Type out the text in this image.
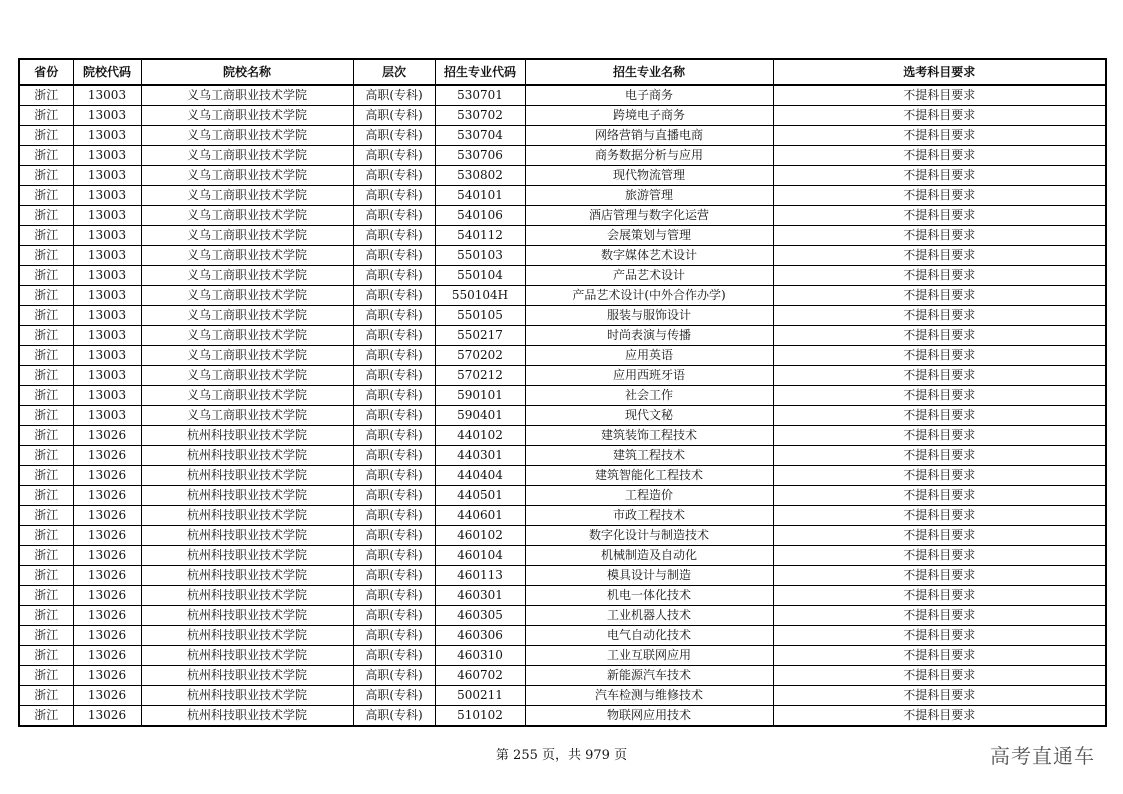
省份	院校代码	院校名称	层次	招生专业代码	招生专业名称	选考科目要求
浙江	13003	义乌工商职业技术学院	高职(专科)	530701	电子商务	不提科目要求
浙江	13003	义乌工商职业技术学院	高职(专科)	530702	跨境电子商务	不提科目要求
浙江	13003	义乌工商职业技术学院	高职(专科)	530704	网络营销与直播电商	不提科目要求
浙江	13003	义乌工商职业技术学院	高职(专科)	530706	商务数据分析与应用	不提科目要求
浙江	13003	义乌工商职业技术学院	高职(专科)	530802	现代物流管理	不提科目要求
浙江	13003	义乌工商职业技术学院	高职(专科)	540101	旅游管理	不提科目要求
浙江	13003	义乌工商职业技术学院	高职(专科)	540106	酒店管理与数字化运营	不提科目要求
浙江	13003	义乌工商职业技术学院	高职(专科)	540112	会展策划与管理	不提科目要求
浙江	13003	义乌工商职业技术学院	高职(专科)	550103	数字媒体艺术设计	不提科目要求
浙江	13003	义乌工商职业技术学院	高职(专科)	550104	产品艺术设计	不提科目要求
浙江	13003	义乌工商职业技术学院	高职(专科)	550104H	产品艺术设计(中外合作办学)	不提科目要求
浙江	13003	义乌工商职业技术学院	高职(专科)	550105	服装与服饰设计	不提科目要求
浙江	13003	义乌工商职业技术学院	高职(专科)	550217	时尚表演与传播	不提科目要求
浙江	13003	义乌工商职业技术学院	高职(专科)	570202	应用英语	不提科目要求
浙江	13003	义乌工商职业技术学院	高职(专科)	570212	应用西班牙语	不提科目要求
浙江	13003	义乌工商职业技术学院	高职(专科)	590101	社会工作	不提科目要求
浙江	13003	义乌工商职业技术学院	高职(专科)	590401	现代文秘	不提科目要求
浙江	13026	杭州科技职业技术学院	高职(专科)	440102	建筑装饰工程技术	不提科目要求
浙江	13026	杭州科技职业技术学院	高职(专科)	440301	建筑工程技术	不提科目要求
浙江	13026	杭州科技职业技术学院	高职(专科)	440404	建筑智能化工程技术	不提科目要求
浙江	13026	杭州科技职业技术学院	高职(专科)	440501	工程造价	不提科目要求
浙江	13026	杭州科技职业技术学院	高职(专科)	440601	市政工程技术	不提科目要求
浙江	13026	杭州科技职业技术学院	高职(专科)	460102	数字化设计与制造技术	不提科目要求
浙江	13026	杭州科技职业技术学院	高职(专科)	460104	机械制造及自动化	不提科目要求
浙江	13026	杭州科技职业技术学院	高职(专科)	460113	模具设计与制造	不提科目要求
浙江	13026	杭州科技职业技术学院	高职(专科)	460301	机电一体化技术	不提科目要求
浙江	13026	杭州科技职业技术学院	高职(专科)	460305	工业机器人技术	不提科目要求
浙江	13026	杭州科技职业技术学院	高职(专科)	460306	电气自动化技术	不提科目要求
浙江	13026	杭州科技职业技术学院	高职(专科)	460310	工业互联网应用	不提科目要求
浙江	13026	杭州科技职业技术学院	高职(专科)	460702	新能源汽车技术	不提科目要求
浙江	13026	杭州科技职业技术学院	高职(专科)	500211	汽车检测与维修技术	不提科目要求
浙江	13026	杭州科技职业技术学院	高职(专科)	510102	物联网应用技术	不提科目要求
第 255 页，共 979 页	高考直通车
